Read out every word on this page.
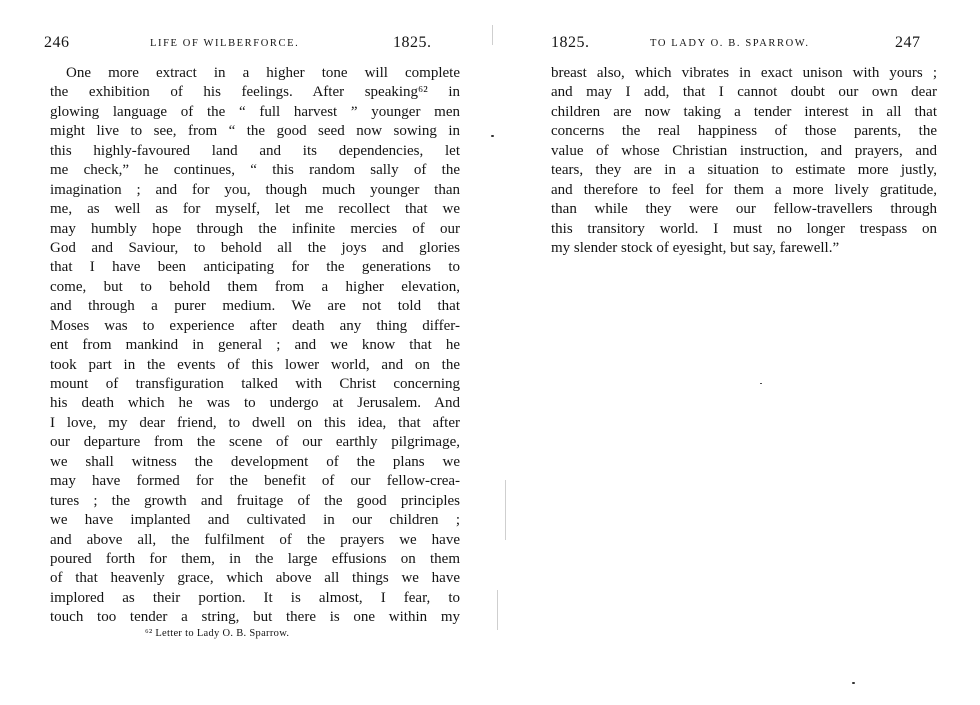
246	LIFE OF WILBERFORCE.	1825.
One more extract in a higher tone will complete
the exhibition of his feelings. After speaking⁶² in
glowing language of the “ full harvest ” younger men
might live to see, from “ the good seed now sowing in
this highly-favoured land and its dependencies, let
me check,” he continues, “ this random sally of the
imagination ; and for you, though much younger than
me, as well as for myself, let me recollect that we
may humbly hope through the infinite mercies of our
God and Saviour, to behold all the joys and glories
that I have been anticipating for the generations to
come, but to behold them from a higher elevation,
and through a purer medium. We are not told that
Moses was to experience after death any thing differ-
ent from mankind in general ; and we know that he
took part in the events of this lower world, and on the
mount of transfiguration talked with Christ concerning
his death which he was to undergo at Jerusalem. And
I love, my dear friend, to dwell on this idea, that after
our departure from the scene of our earthly pilgrimage,
we shall witness the development of the plans we
may have formed for the benefit of our fellow-crea-
tures ; the growth and fruitage of the good principles
we have implanted and cultivated in our children ;
and above all, the fulfilment of the prayers we have
poured forth for them, in the large effusions on them
of that heavenly grace, which above all things we have
implored as their portion. It is almost, I fear, to
touch too tender a string, but there is one within my
⁶² Letter to Lady O. B. Sparrow.
1825.	TO LADY O. B. SPARROW.	247
breast also, which vibrates in exact unison with yours ;
and may I add, that I cannot doubt our own dear
children are now taking a tender interest in all that
concerns the real happiness of those parents, the
value of whose Christian instruction, and prayers, and
tears, they are in a situation to estimate more justly,
and therefore to feel for them a more lively gratitude,
than while they were our fellow-travellers through
this transitory world. I must no longer trespass on
my slender stock of eyesight, but say, farewell.”
